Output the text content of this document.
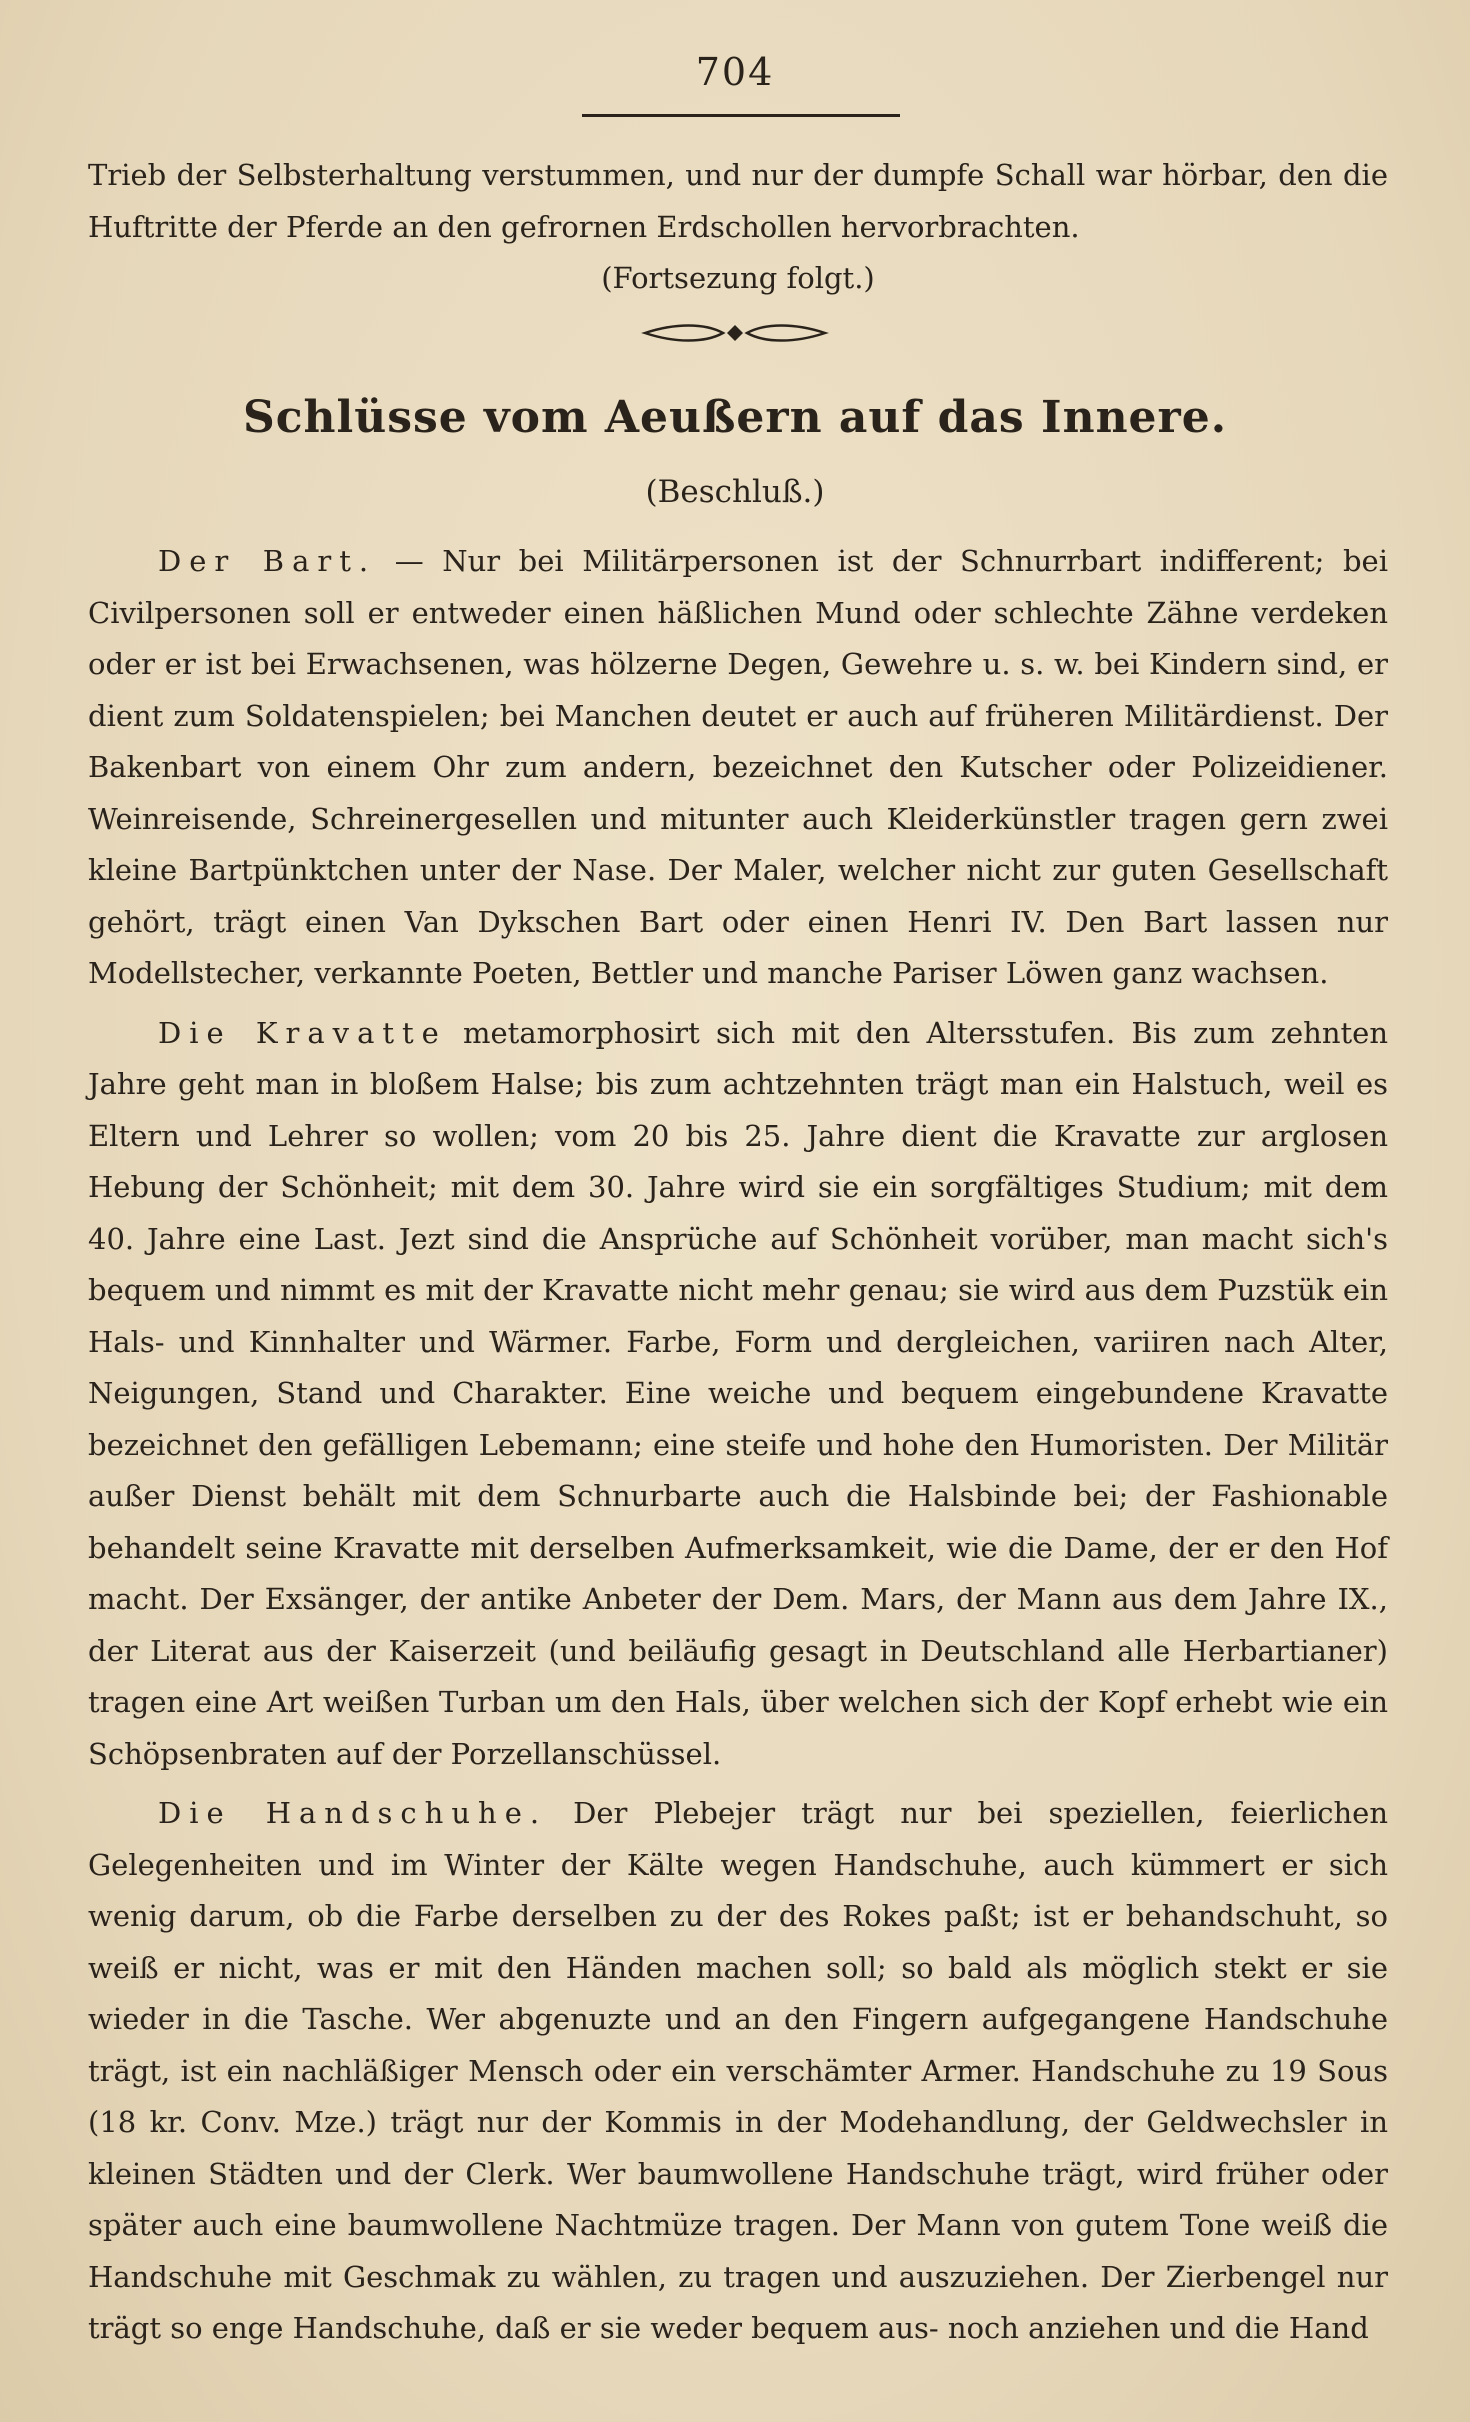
704

Trieb der Selbsterhaltung verstummen, und nur der dumpfe Schall war hörbar, den die Huftritte der Pferde an den gefrornen Erdschollen hervorbrachten.

(Fortsezung folgt.)

Schlüsse vom Aeußern auf das Innere.
(Beschluß.)

Der Bart. — Nur bei Militärpersonen ist der Schnurrbart indifferent; bei Civilpersonen soll er entweder einen häßlichen Mund oder schlechte Zähne verdeken oder er ist bei Erwachsenen, was hölzerne Degen, Gewehre u. s. w. bei Kindern sind, er dient zum Soldatenspielen; bei Manchen deutet er auch auf früheren Militärdienst. Der Bakenbart von einem Ohr zum andern, bezeichnet den Kutscher oder Polizeidiener. Weinreisende, Schreinergesellen und mitunter auch Kleiderkünstler tragen gern zwei kleine Bartpünktchen unter der Nase. Der Maler, welcher nicht zur guten Gesellschaft gehört, trägt einen Van Dykschen Bart oder einen Henri IV. Den Bart lassen nur Modellstecher, verkannte Poeten, Bettler und manche Pariser Löwen ganz wachsen.

Die Kravatte metamorphosirt sich mit den Altersstufen. Bis zum zehnten Jahre geht man in bloßem Halse; bis zum achtzehnten trägt man ein Halstuch, weil es Eltern und Lehrer so wollen; vom 20 bis 25. Jahre dient die Kravatte zur arglosen Hebung der Schönheit; mit dem 30. Jahre wird sie ein sorgfältiges Studium; mit dem 40. Jahre eine Last. Jezt sind die Ansprüche auf Schönheit vorüber, man macht sich's bequem und nimmt es mit der Kravatte nicht mehr genau; sie wird aus dem Puzstük ein Hals- und Kinnhalter und Wärmer. Farbe, Form und dergleichen, variiren nach Alter, Neigungen, Stand und Charakter. Eine weiche und bequem eingebundene Kravatte bezeichnet den gefälligen Lebemann; eine steife und hohe den Humoristen. Der Militär außer Dienst behält mit dem Schnurbarte auch die Halsbinde bei; der Fashionable behandelt seine Kravatte mit derselben Aufmerksamkeit, wie die Dame, der er den Hof macht. Der Exsänger, der antike Anbeter der Dem. Mars, der Mann aus dem Jahre IX., der Literat aus der Kaiserzeit (und beiläufig gesagt in Deutschland alle Herbartianer) tragen eine Art weißen Turban um den Hals, über welchen sich der Kopf erhebt wie ein Schöpsenbraten auf der Porzellanschüssel.

Die Handschuhe. Der Plebejer trägt nur bei speziellen, feierlichen Gelegenheiten und im Winter der Kälte wegen Handschuhe, auch kümmert er sich wenig darum, ob die Farbe derselben zu der des Rokes paßt; ist er behandschuht, so weiß er nicht, was er mit den Händen machen soll; so bald als möglich stekt er sie wieder in die Tasche. Wer abgenuzte und an den Fingern aufgegangene Handschuhe trägt, ist ein nachläßiger Mensch oder ein verschämter Armer. Handschuhe zu 19 Sous (18 kr. Conv. Mze.) trägt nur der Kommis in der Modehandlung, der Geldwechsler in kleinen Städten und der Clerk. Wer baumwollene Handschuhe trägt, wird früher oder später auch eine baumwollene Nachtmüze tragen. Der Mann von gutem Tone weiß die Handschuhe mit Geschmak zu wählen, zu tragen und auszuziehen. Der Zierbengel nur trägt so enge Handschuhe, daß er sie weder bequem aus- noch anziehen und die Hand
